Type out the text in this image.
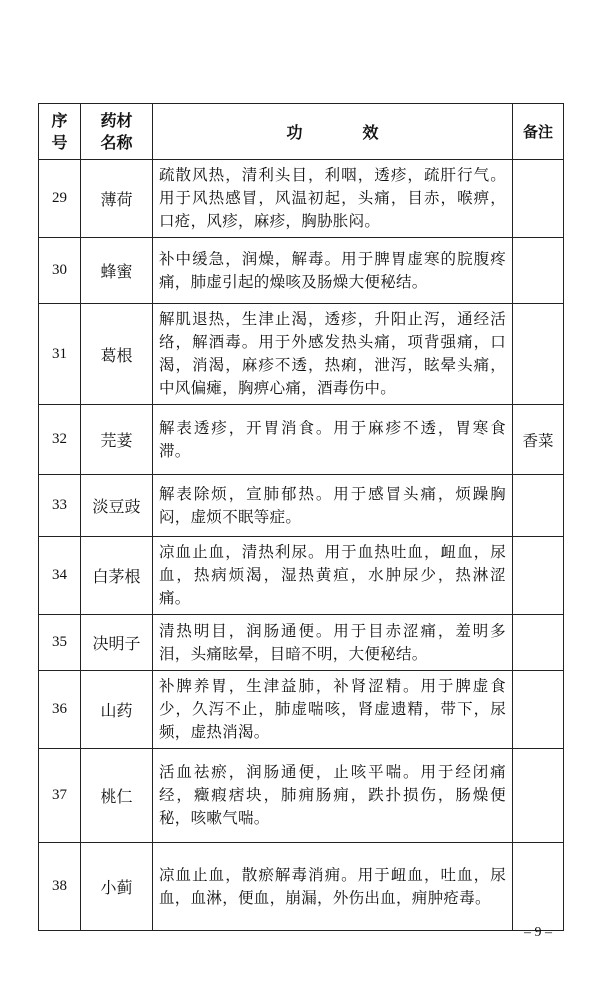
序号	药材名称	功效	备注
29	薄荷	疏散风热，清利头目，利咽，透疹，疏肝行气。用于风热感冒，风温初起，头痛，目赤，喉痹，口疮，风疹，麻疹，胸胁胀闷。	
30	蜂蜜	补中缓急，润燥，解毒。用于脾胃虚寒的脘腹疼痛，肺虚引起的燥咳及肠燥大便秘结。	
31	葛根	解肌退热，生津止渴，透疹，升阳止泻，通经活络，解酒毒。用于外感发热头痛，项背强痛，口渴，消渴，麻疹不透，热痢，泄泻，眩晕头痛，中风偏瘫，胸痹心痛，酒毒伤中。	
32	芫荽	解表透疹，开胃消食。用于麻疹不透，胃寒食滞。	香菜
33	淡豆豉	解表除烦，宣肺郁热。用于感冒头痛，烦躁胸闷，虚烦不眠等症。	
34	白茅根	凉血止血，清热利尿。用于血热吐血，衄血，尿血，热病烦渴，湿热黄疸，水肿尿少，热淋涩痛。	
35	决明子	清热明目，润肠通便。用于目赤涩痛，羞明多泪，头痛眩晕，目暗不明，大便秘结。	
36	山药	补脾养胃，生津益肺，补肾涩精。用于脾虚食少，久泻不止，肺虚喘咳，肾虚遗精，带下，尿频，虚热消渴。	
37	桃仁	活血祛瘀，润肠通便，止咳平喘。用于经闭痛经，癥瘕痞块，肺痈肠痈，跌扑损伤，肠燥便秘，咳嗽气喘。	
38	小蓟	凉血止血，散瘀解毒消痈。用于衄血，吐血，尿血，血淋，便血，崩漏，外伤出血，痈肿疮毒。	
– 9 –
